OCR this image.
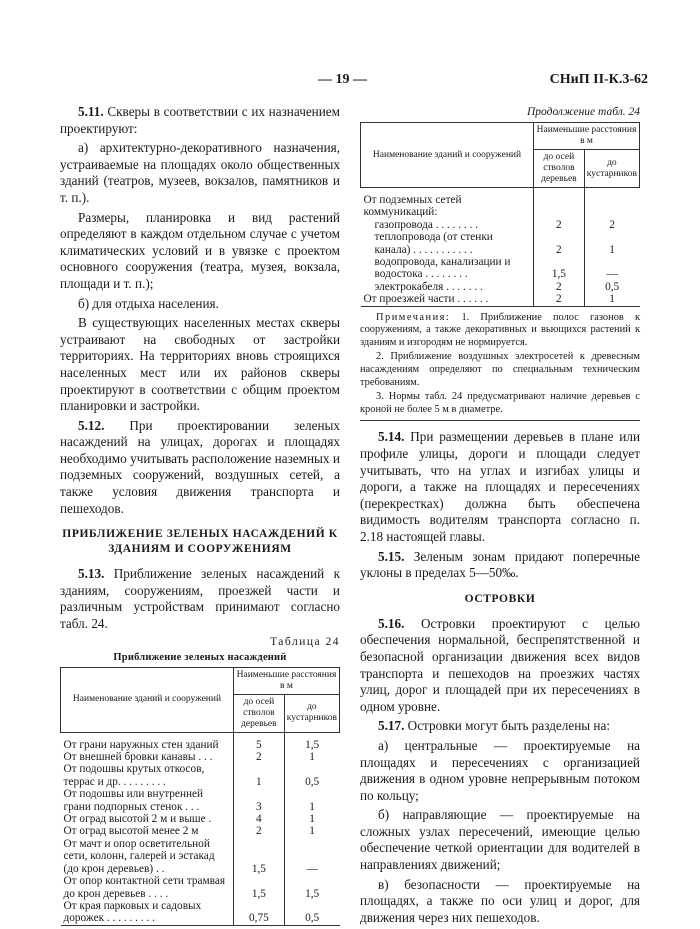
— 19 —	СНиП II-К.3-62

5.11. Скверы в соответствии с их назначением проектируют:

а) архитектурно-декоративного назначения, устраиваемые на площадях около общественных зданий (театров, музеев, вокзалов, памятников и т. п.).

Размеры, планировка и вид растений определяют в каждом отдельном случае с учетом климатических условий и в увязке с проектом основного сооружения (театра, музея, вокзала, площади и т. п.);

б) для отдыха населения.

В существующих населенных местах скверы устраивают на свободных от застройки территориях. На территориях вновь строящихся населенных мест или их районов скверы проектируют в соответствии с общим проектом планировки и застройки.

5.12. При проектировании зеленых насаждений на улицах, дорогах и площадях необходимо учитывать расположение наземных и подземных сооружений, воздушных сетей, а также условия движения транспорта и пешеходов.

ПРИБЛИЖЕНИЕ ЗЕЛЕНЫХ НАСАЖДЕНИЙ К ЗДАНИЯМ И СООРУЖЕНИЯМ

5.13. Приближение зеленых насаждений к зданиям, сооружениям, проезжей части и различным устройствам принимают согласно табл. 24.

Таблица 24
Приближение зеленых насаждений
Наименование зданий и сооружений	Наименьшие расстояния в м	
	до осей стволов деревьев	до кустарников
От грани наружных стен зданий	5	1,5
От внешней бровки канавы . . .	2	1
От подошвы крутых откосов, террас и др. . . . . . . . .	1	0,5
От подошвы или внутренней грани подпорных стенок . . .	3	1
От оград высотой 2 м и выше .	4	1
От оград высотой менее 2 м	2	1
От мачт и опор осветительной сети, колонн, галерей и эстакад (до крон деревьев) . .	1,5	—
От опор контактной сети трамвая до крон деревьев . . . .	1,5	1,5
От края парковых и садовых дорожек . . . . . . . . .	0,75	0,5
Продолжение табл. 24
Наименование зданий и сооружений	Наименьшие расстояния в м	
	до осей стволов деревьев	до кустарников
От подземных сетей коммуникаций:		
газопровода . . . . . . . .	2	2
теплопровода (от стенки канала) . . . . . . . . . . .	2	1
водопровода, канализации и водостока . . . . . . . .	1,5	—
электрокабеля . . . . . . .	2	0,5
От проезжей части . . . . . .	2	1

Примечания: 1. Приближение полос газонов к сооружениям, а также декоративных и вьющихся растений к зданиям и изгородям не нормируется.

2. Приближение воздушных электросетей к древесным насаждениям определяют по специальным техническим требованиям.

3. Нормы табл. 24 предусматривают наличие деревьев с кроной не более 5 м в диаметре.

5.14. При размещении деревьев в плане или профиле улицы, дороги и площади следует учитывать, что на углах и изгибах улицы и дороги, а также на площадях и пересечениях (перекрестках) должна быть обеспечена видимость водителям транспорта согласно п. 2.18 настоящей главы.

5.15. Зеленым зонам придают поперечные уклоны в пределах 5—50‰.

ОСТРОВКИ

5.16. Островки проектируют с целью обеспечения нормальной, беспрепятственной и безопасной организации движения всех видов транспорта и пешеходов на проезжих частях улиц, дорог и площадей при их пересечениях в одном уровне.

5.17. Островки могут быть разделены на:

а) центральные — проектируемые на площадях и пересечениях с организацией движения в одном уровне непрерывным потоком по кольцу;

б) направляющие — проектируемые на сложных узлах пересечений, имеющие целью обеспечение четкой ориентации для водителей в направлениях движений;

в) безопасности — проектируемые на площадях, а также по оси улиц и дорог, для движения через них пешеходов.
